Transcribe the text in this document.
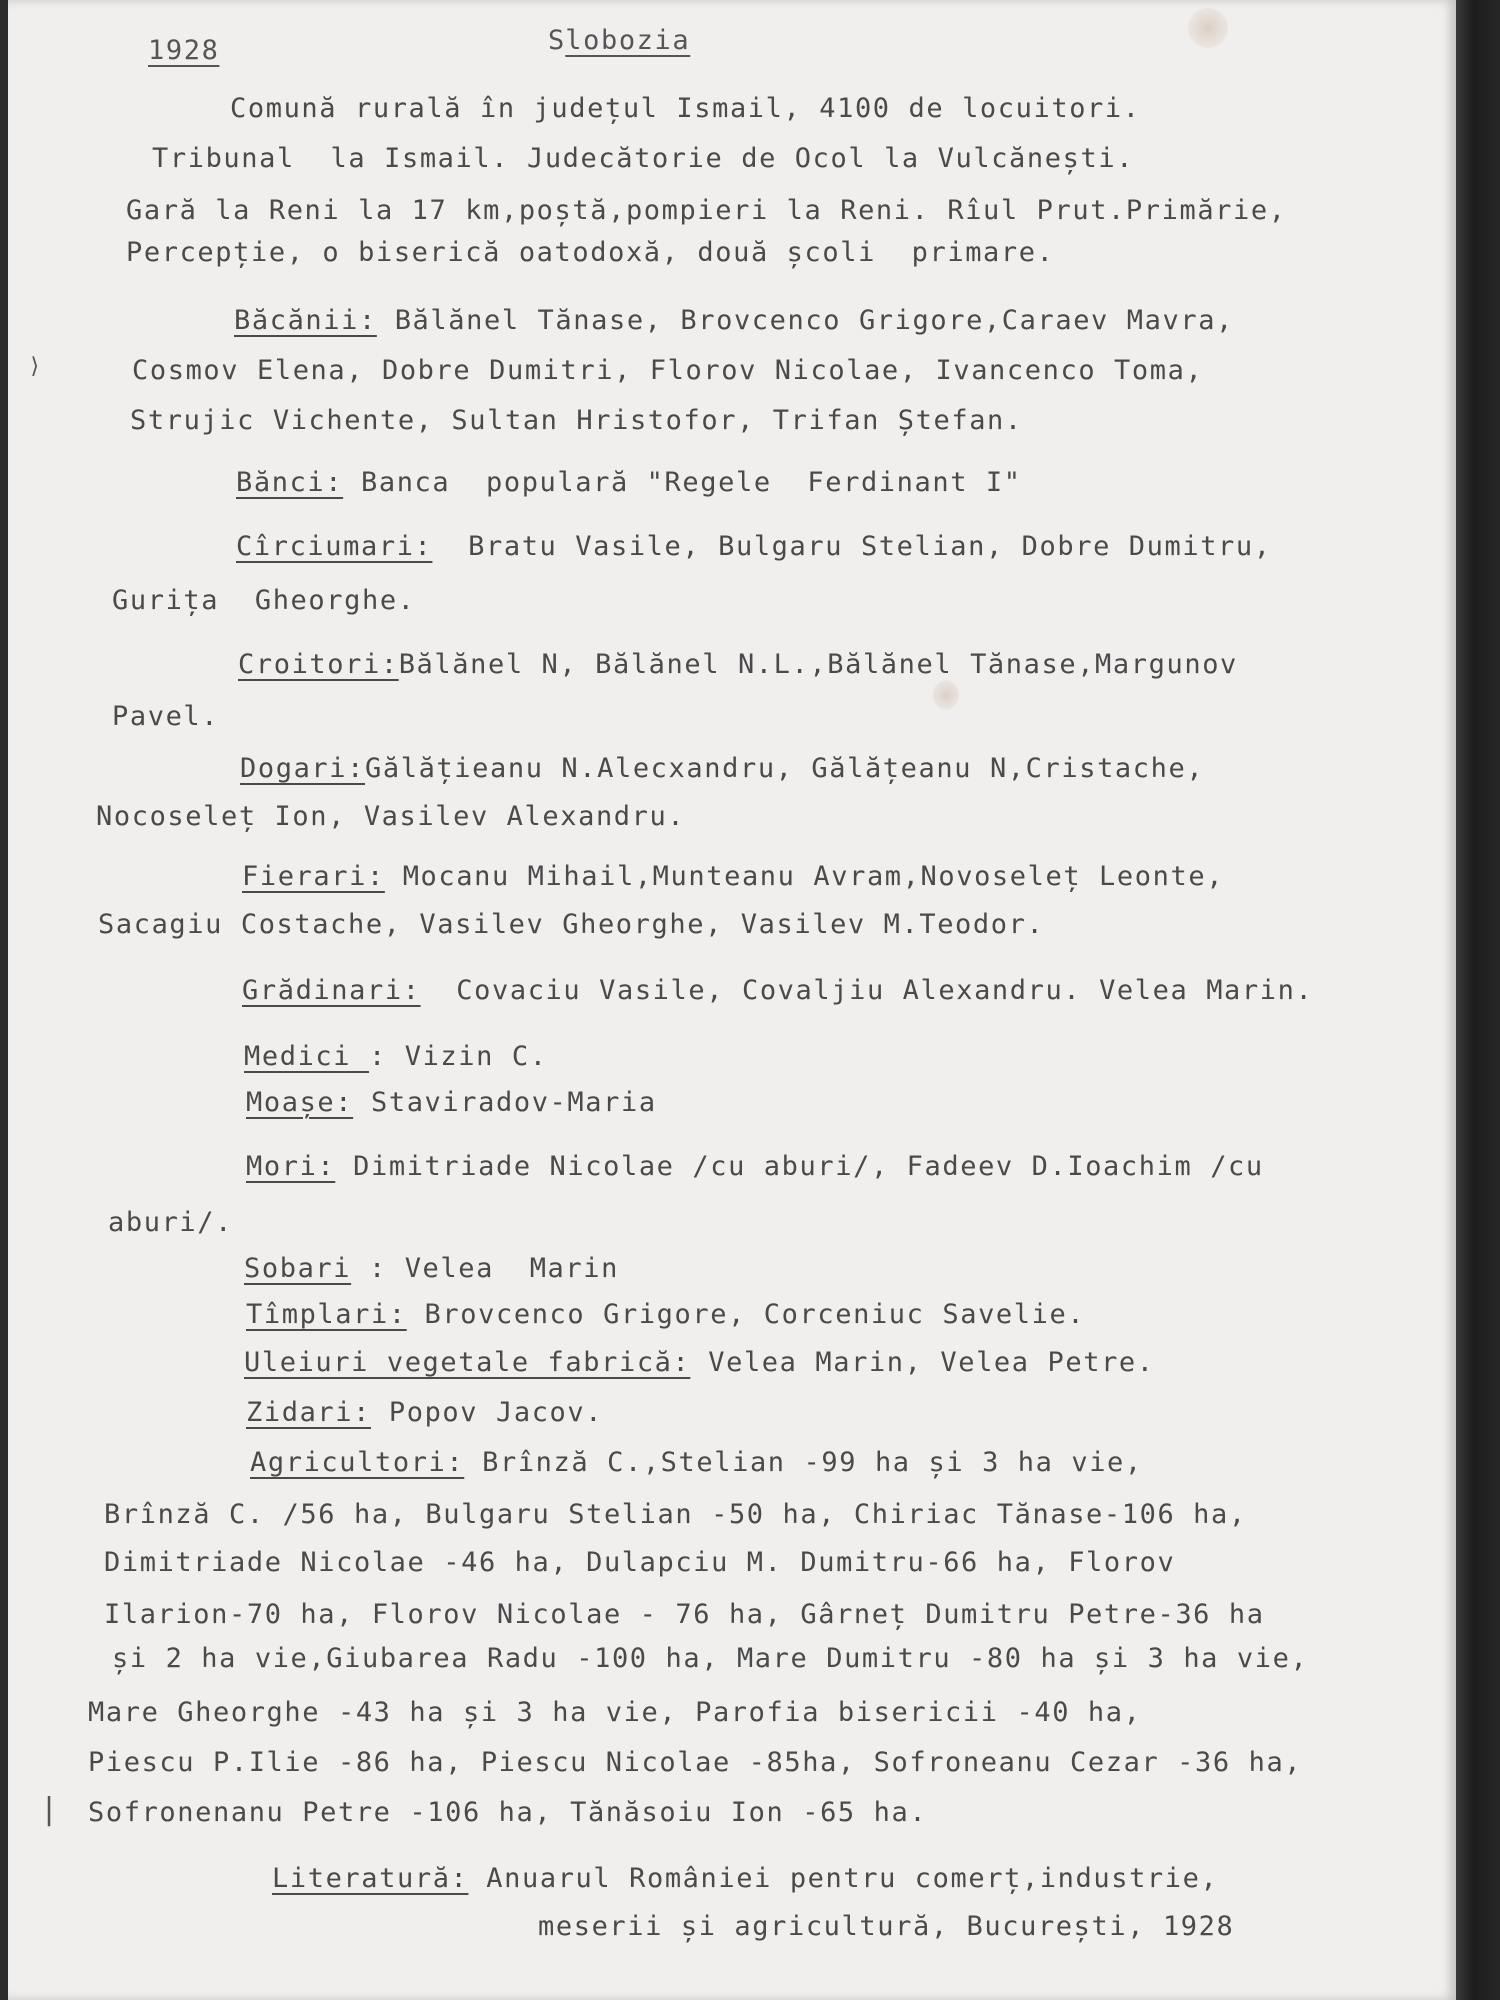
⟩
|
1928	Slobozia
Comună rurală în județul Ismail, 4100 de locuitori.
Tribunal  la Ismail. Judecătorie de Ocol la Vulcănești.
Gară la Reni la 17 km,poștă,pompieri la Reni. Rîul Prut.Primărie,
Percepție, o biserică oatodoxă, două școli  primare.
Băcănii: Bălănel Tănase, Brovcenco Grigore,Caraev Mavra,
Cosmov Elena, Dobre Dumitri, Florov Nicolae, Ivancenco Toma,
Strujic Vichente, Sultan Hristofor, Trifan Ștefan.
Bănci: Banca  populară "Regele  Ferdinant I"
Cîrciumari:  Bratu Vasile, Bulgaru Stelian, Dobre Dumitru,
Gurița  Gheorghe.
Croitori:Bălănel N, Bălănel N.L.,Bălănel Tănase,Margunov
Pavel.
Dogari:Gălățieanu N.Alecxandru, Gălățeanu N,Cristache,
Nocoseleț Ion, Vasilev Alexandru.
Fierari: Mocanu Mihail,Munteanu Avram,Novoseleț Leonte,
Sacagiu Costache, Vasilev Gheorghe, Vasilev M.Teodor.
Grădinari:  Covaciu Vasile, Covaljiu Alexandru. Velea Marin.
Medici : Vizin C.
Moașe: Staviradov-Maria
Mori: Dimitriade Nicolae /cu aburi/, Fadeev D.Ioachim /cu
aburi/.
Sobari : Velea  Marin
Tîmplari: Brovcenco Grigore, Corceniuc Savelie.
Uleiuri vegetale fabrică: Velea Marin, Velea Petre.
Zidari: Popov Jacov.
Agricultori: Brînză C.,Stelian -99 ha și 3 ha vie,
Brînză C. /56 ha, Bulgaru Stelian -50 ha, Chiriac Tănase-106 ha,
Dimitriade Nicolae -46 ha, Dulapciu M. Dumitru-66 ha, Florov
Ilarion-70 ha, Florov Nicolae - 76 ha, Gârneț Dumitru Petre-36 ha
și 2 ha vie,Giubarea Radu -100 ha, Mare Dumitru -80 ha și 3 ha vie,
Mare Gheorghe -43 ha și 3 ha vie, Parofia bisericii -40 ha,
Piescu P.Ilie -86 ha, Piescu Nicolae -85ha, Sofroneanu Cezar -36 ha,
Sofronenanu Petre -106 ha, Tănăsoiu Ion -65 ha.
Literatură: Anuarul României pentru comerț,industrie,
meserii și agricultură, București, 1928
